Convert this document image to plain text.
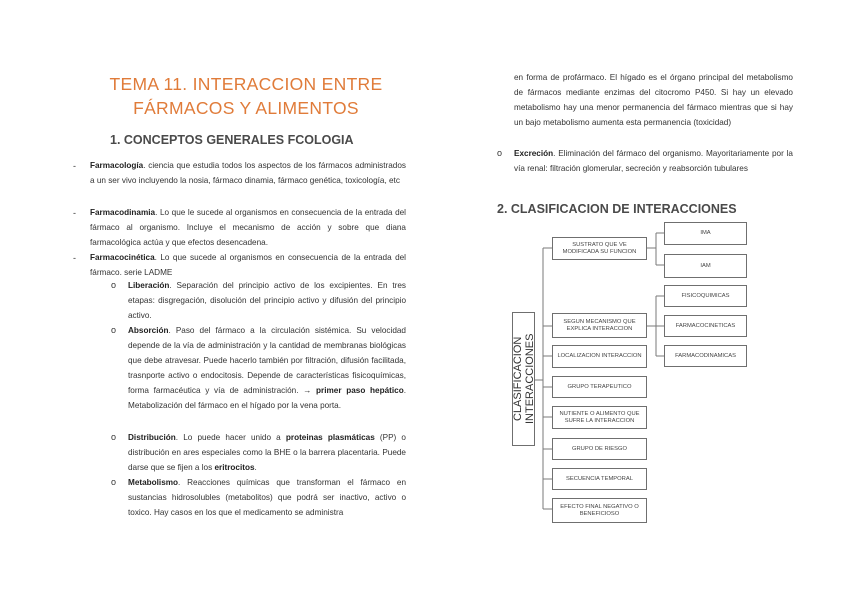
TEMA 11. INTERACCION ENTRE
FÁRMACOS Y ALIMENTOS
1. CONCEPTOS GENERALES FCOLOGIA
- Farmacología. ciencia que estudia todos los aspectos de los fármacos administrados a un ser vivo incluyendo la nosia, fármaco dinamia, fármaco genética, toxicología, etc
- Farmacodinamia. Lo que le sucede al organismos en consecuencia de la entrada del fármaco al organismo. Incluye el mecanismo de acción y sobre que diana farmacológica actúa y que efectos desencadena.
- Farmacocinética. Lo que sucede al organismos en consecuencia de la entrada del fármaco. serie LADME
o Liberación. Separación del principio activo de los excipientes. En tres etapas: disgregación, disolución del principio activo y difusión del principio activo.
o Absorción. Paso del fármaco a la circulación sistémica. Su velocidad depende de la vía de administración y la cantidad de membranas biológicas que debe atravesar. Puede hacerlo también por filtración, difusión facilitada, trasnporte activo o endocitosis. Depende de características fisicoquímicas, forma farmacéutica y vía de administración. → primer paso hepático. Metabolización del fármaco en el hígado por la vena porta.
o Distribución. Lo puede hacer unido a proteinas plasmáticas (PP) o distribución en ares especiales como la BHE o la barrera placentaria. Puede darse que se fijen a los eritrocitos.
o Metabolismo. Reacciones químicas que transforman el fármaco en sustancias hidrosolubles (metabolitos) que podrá ser inactivo, activo o toxico. Hay casos en los que el medicamento se administra
en forma de profármaco. El hígado es el órgano principal del metabolismo de fármacos mediante enzimas del citocromo P450. Si hay un elevado metabolismo hay una menor permanencia del fármaco mientras que si hay un bajo metabolismo aumenta esta permanencia (toxicidad)
o Excreción. Eliminación del fármaco del organismo. Mayoritariamente por la vía renal: filtración glomerular, secreción y reabsorción tubulares
2. CLASIFICACION DE INTERACCIONES
CLASIFICACION INTERACCIONES
SUSTRATO QUE VE MODIFICADA SU FUNCION
SEGUN MECANISMO QUE EXPLICA INTERACCION
LOCALIZACION INTERACCION
GRUPO TERAPEUTICO
NUTIENTE O ALIMENTO QUE SUFRE LA INTERACCION
GRUPO DE RIESGO
SECUENCIA TEMPORAL
EFECTO FINAL NEGATIVO O BENEFICIOSO
IMA
IAM
FISICOQUIMICAS
FARMACOCINETICAS
FARMACODINAMICAS
